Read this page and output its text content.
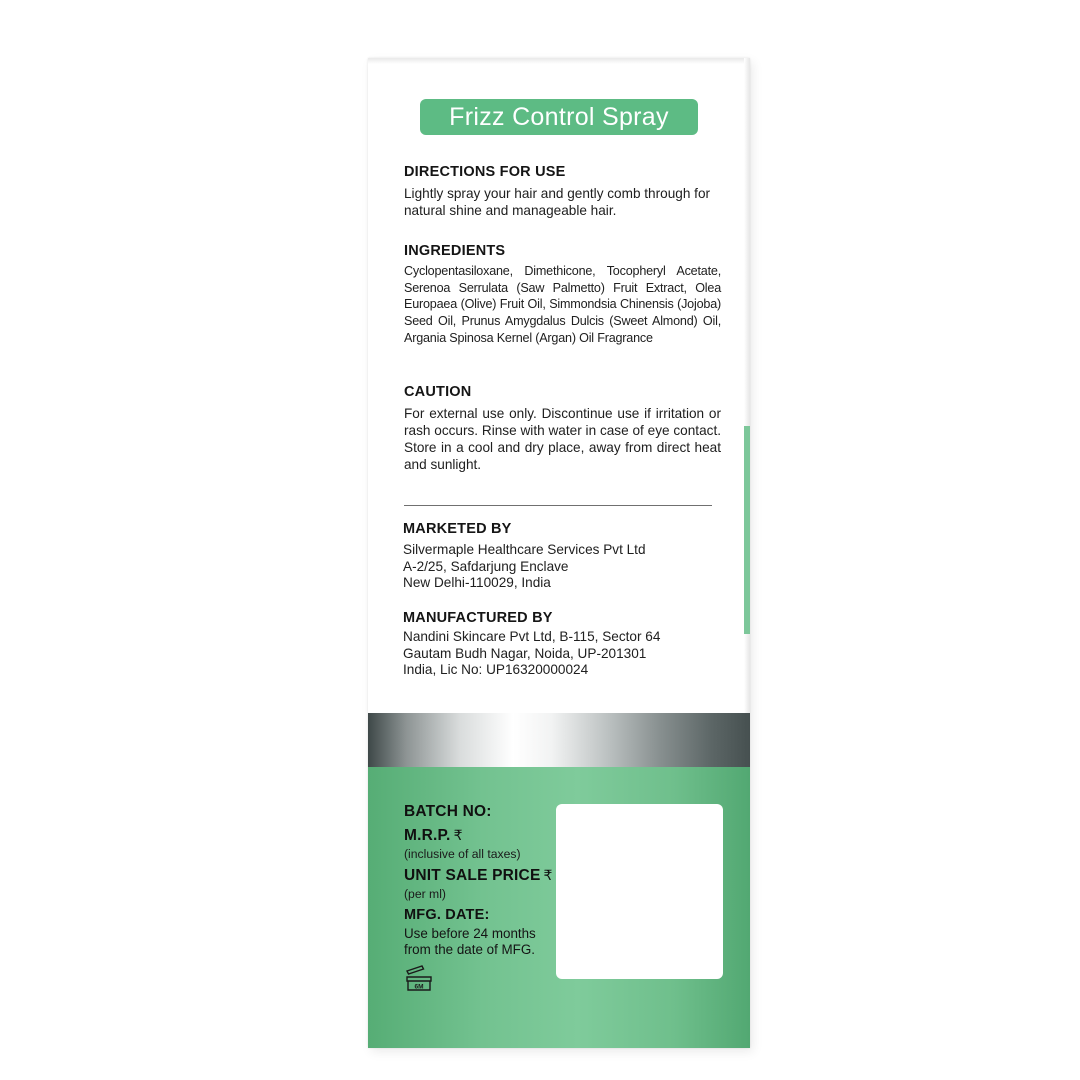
Frizz Control Spray
DIRECTIONS FOR USE
Lightly spray your hair and gently comb through for natural shine and manageable hair.
INGREDIENTS
Cyclopentasiloxane, Dimethicone, Tocopheryl Acetate, Serenoa Serrulata (Saw Palmetto) Fruit Extract, Olea Europaea (Olive) Fruit Oil, Simmondsia Chinensis (Jojoba) Seed Oil, Prunus Amygdalus Dulcis (Sweet Almond) Oil, Argania Spinosa Kernel (Argan) Oil Fragrance
CAUTION
For external use only. Discontinue use if irritation or rash occurs. Rinse with water in case of eye contact. Store in a cool and dry place, away from direct heat and sunlight.
MARKETED BY
Silvermaple Healthcare Services Pvt Ltd
A-2/25, Safdarjung Enclave
New Delhi-110029, India
MANUFACTURED BY
Nandini Skincare Pvt Ltd, B-115, Sector 64
Gautam Budh Nagar, Noida, UP-201301
India, Lic No: UP16320000024
BATCH NO:
M.R.P. ₹
(inclusive of all taxes)
UNIT SALE PRICE ₹
(per ml)
MFG. DATE:
Use before 24 months from the date of MFG.
6M
